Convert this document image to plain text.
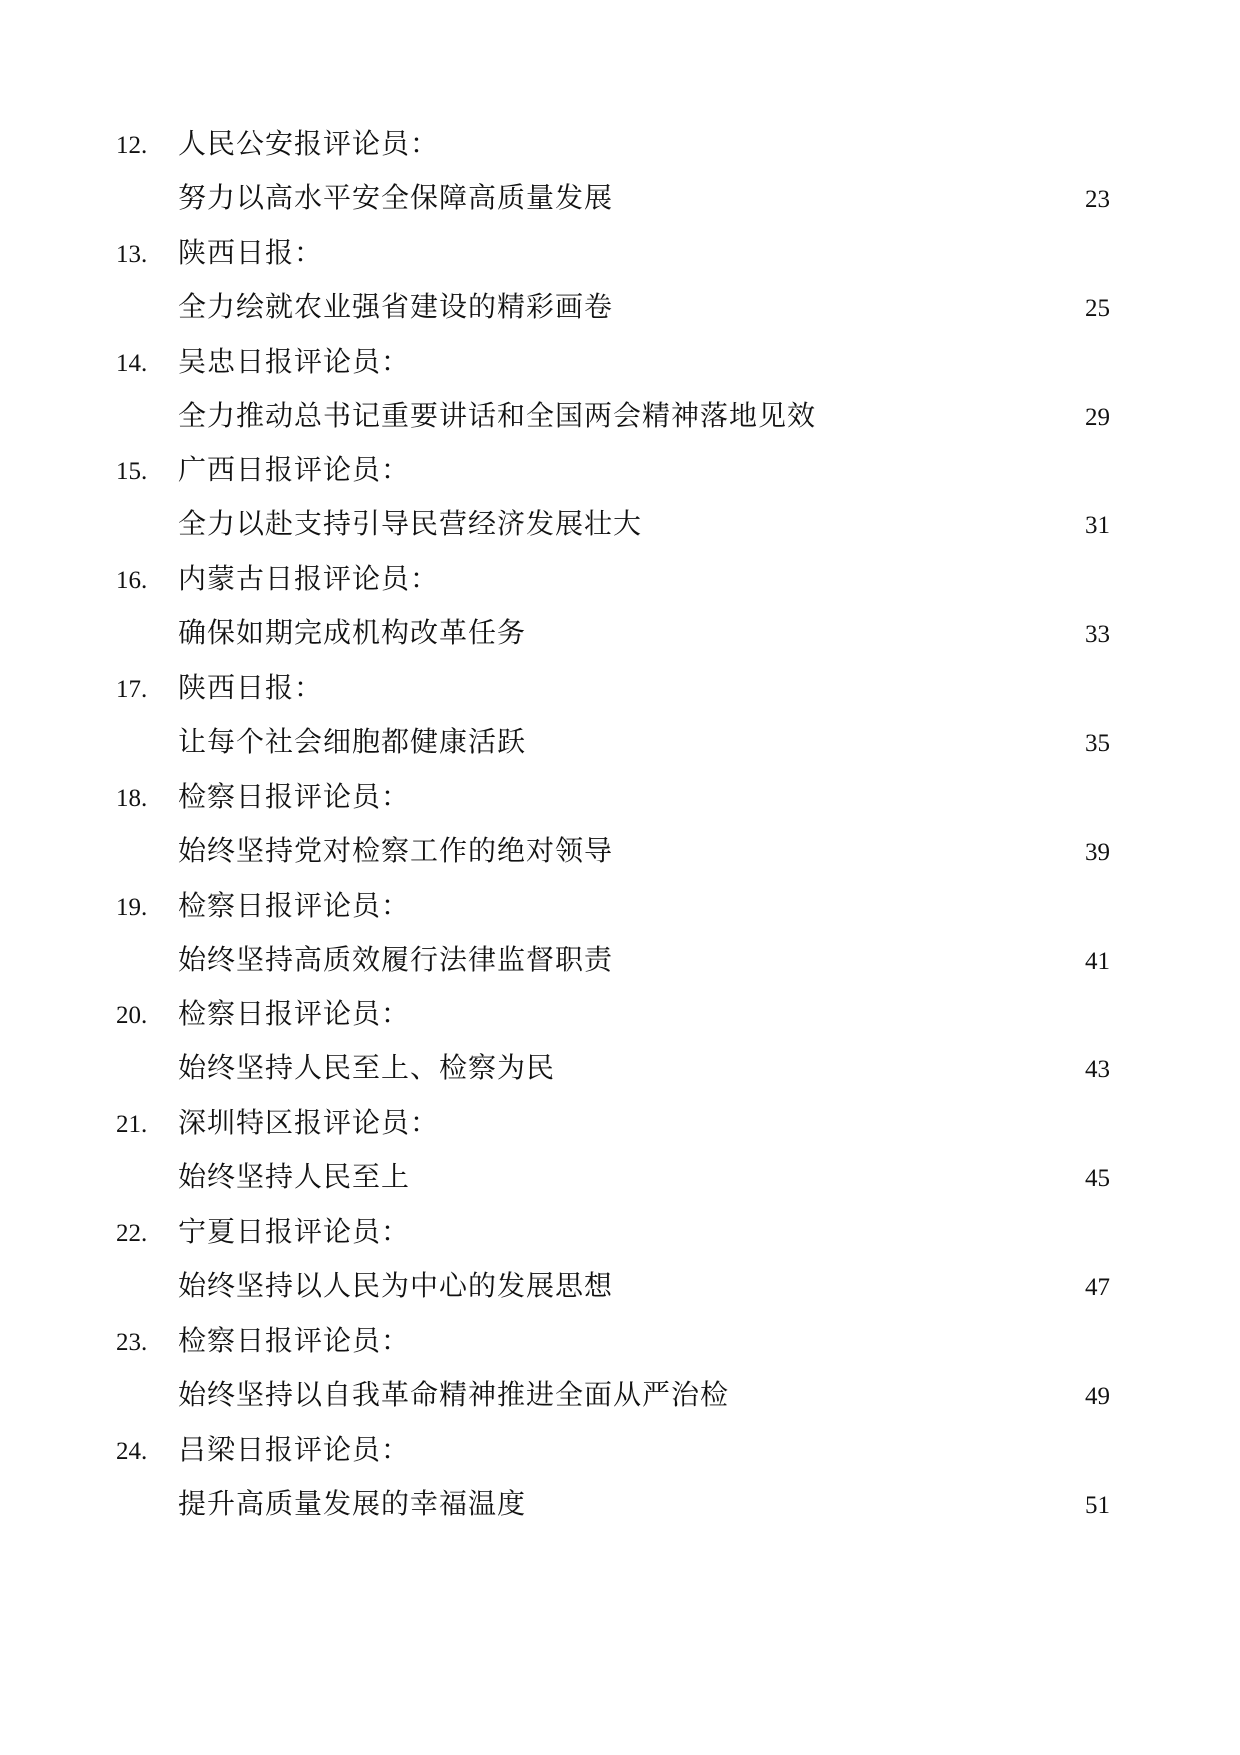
12. 人民公安报评论员：
努力以高水平安全保障高质量发展	23
13. 陕西日报：
全力绘就农业强省建设的精彩画卷	25
14. 吴忠日报评论员：
全力推动总书记重要讲话和全国两会精神落地见效	29
15. 广西日报评论员：
全力以赴支持引导民营经济发展壮大	31
16. 内蒙古日报评论员：
确保如期完成机构改革任务	33
17. 陕西日报：
让每个社会细胞都健康活跃	35
18. 检察日报评论员：
始终坚持党对检察工作的绝对领导	39
19. 检察日报评论员：
始终坚持高质效履行法律监督职责	41
20. 检察日报评论员：
始终坚持人民至上、检察为民	43
21. 深圳特区报评论员：
始终坚持人民至上	45
22. 宁夏日报评论员：
始终坚持以人民为中心的发展思想	47
23. 检察日报评论员：
始终坚持以自我革命精神推进全面从严治检	49
24. 吕梁日报评论员：
提升高质量发展的幸福温度	51
